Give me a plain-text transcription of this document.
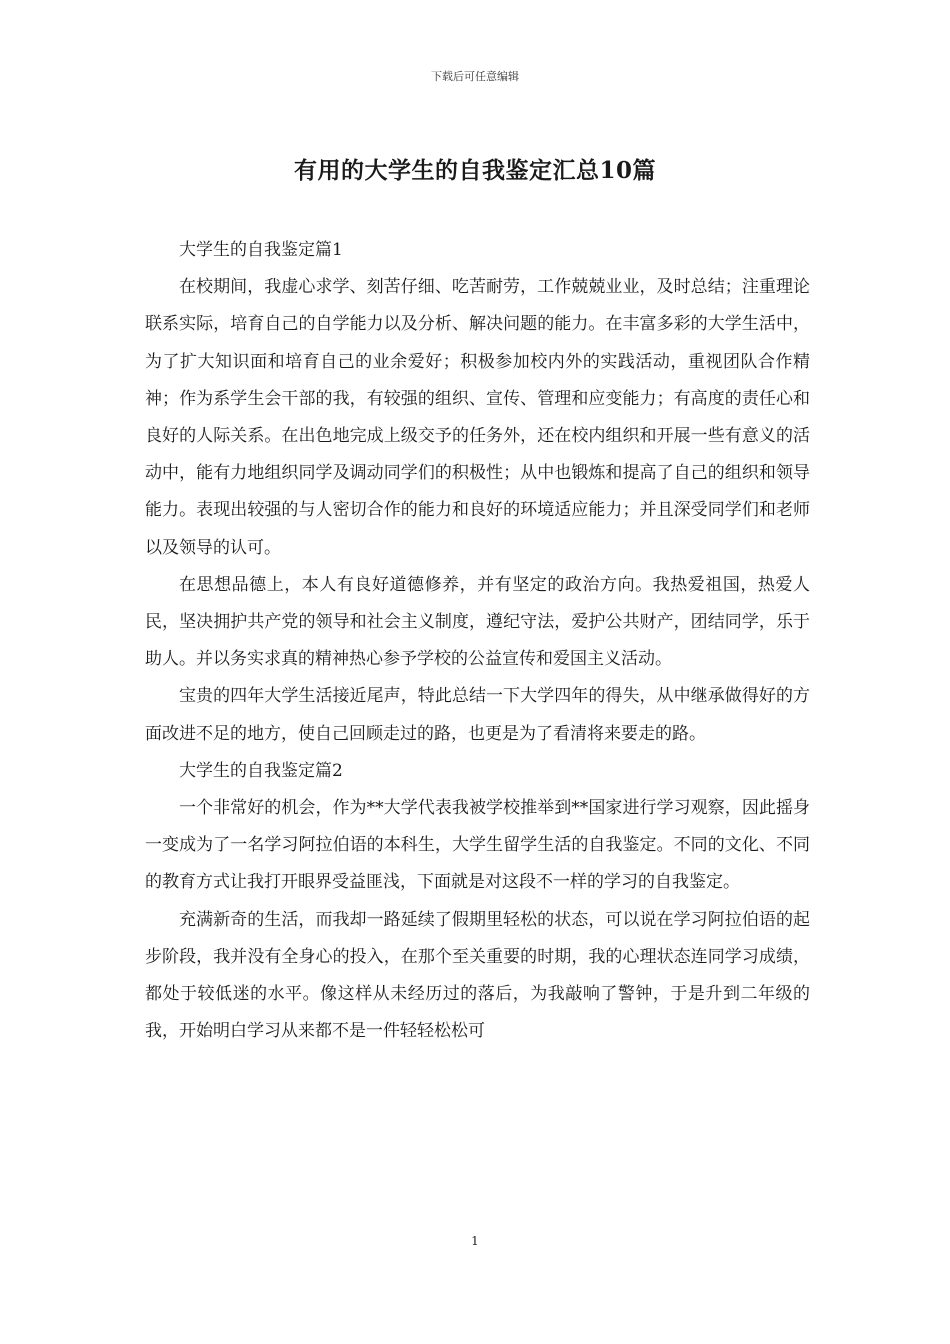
下载后可任意编辑
有用的大学生的自我鉴定汇总10篇

大学生的自我鉴定篇1

在校期间，我虚心求学、刻苦仔细、吃苦耐劳，工作兢兢业业，及时总结；注重理论联系实际，培育自己的自学能力以及分析、解决问题的能力。在丰富多彩的大学生活中，为了扩大知识面和培育自己的业余爱好；积极参加校内外的实践活动，重视团队合作精神；作为系学生会干部的我，有较强的组织、宣传、管理和应变能力；有高度的责任心和良好的人际关系。在出色地完成上级交予的任务外，还在校内组织和开展一些有意义的活动中，能有力地组织同学及调动同学们的积极性；从中也锻炼和提高了自己的组织和领导能力。表现出较强的与人密切合作的能力和良好的环境适应能力；并且深受同学们和老师以及领导的认可。

在思想品德上，本人有良好道德修养，并有坚定的政治方向。我热爱祖国，热爱人民，坚决拥护共产党的领导和社会主义制度，遵纪守法，爱护公共财产，团结同学，乐于助人。并以务实求真的精神热心参予学校的公益宣传和爱国主义活动。

宝贵的四年大学生活接近尾声，特此总结一下大学四年的得失，从中继承做得好的方面改进不足的地方，使自己回顾走过的路，也更是为了看清将来要走的路。

大学生的自我鉴定篇2

一个非常好的机会，作为**大学代表我被学校推举到**国家进行学习观察，因此摇身一变成为了一名学习阿拉伯语的本科生，大学生留学生活的自我鉴定。不同的文化、不同的教育方式让我打开眼界受益匪浅，下面就是对这段不一样的学习的自我鉴定。

充满新奇的生活，而我却一路延续了假期里轻松的状态，可以说在学习阿拉伯语的起步阶段，我并没有全身心的投入，在那个至关重要的时期，我的心理状态连同学习成绩，都处于较低迷的水平。像这样从未经历过的落后，为我敲响了警钟，于是升到二年级的我，开始明白学习从来都不是一件轻轻松松可

1
